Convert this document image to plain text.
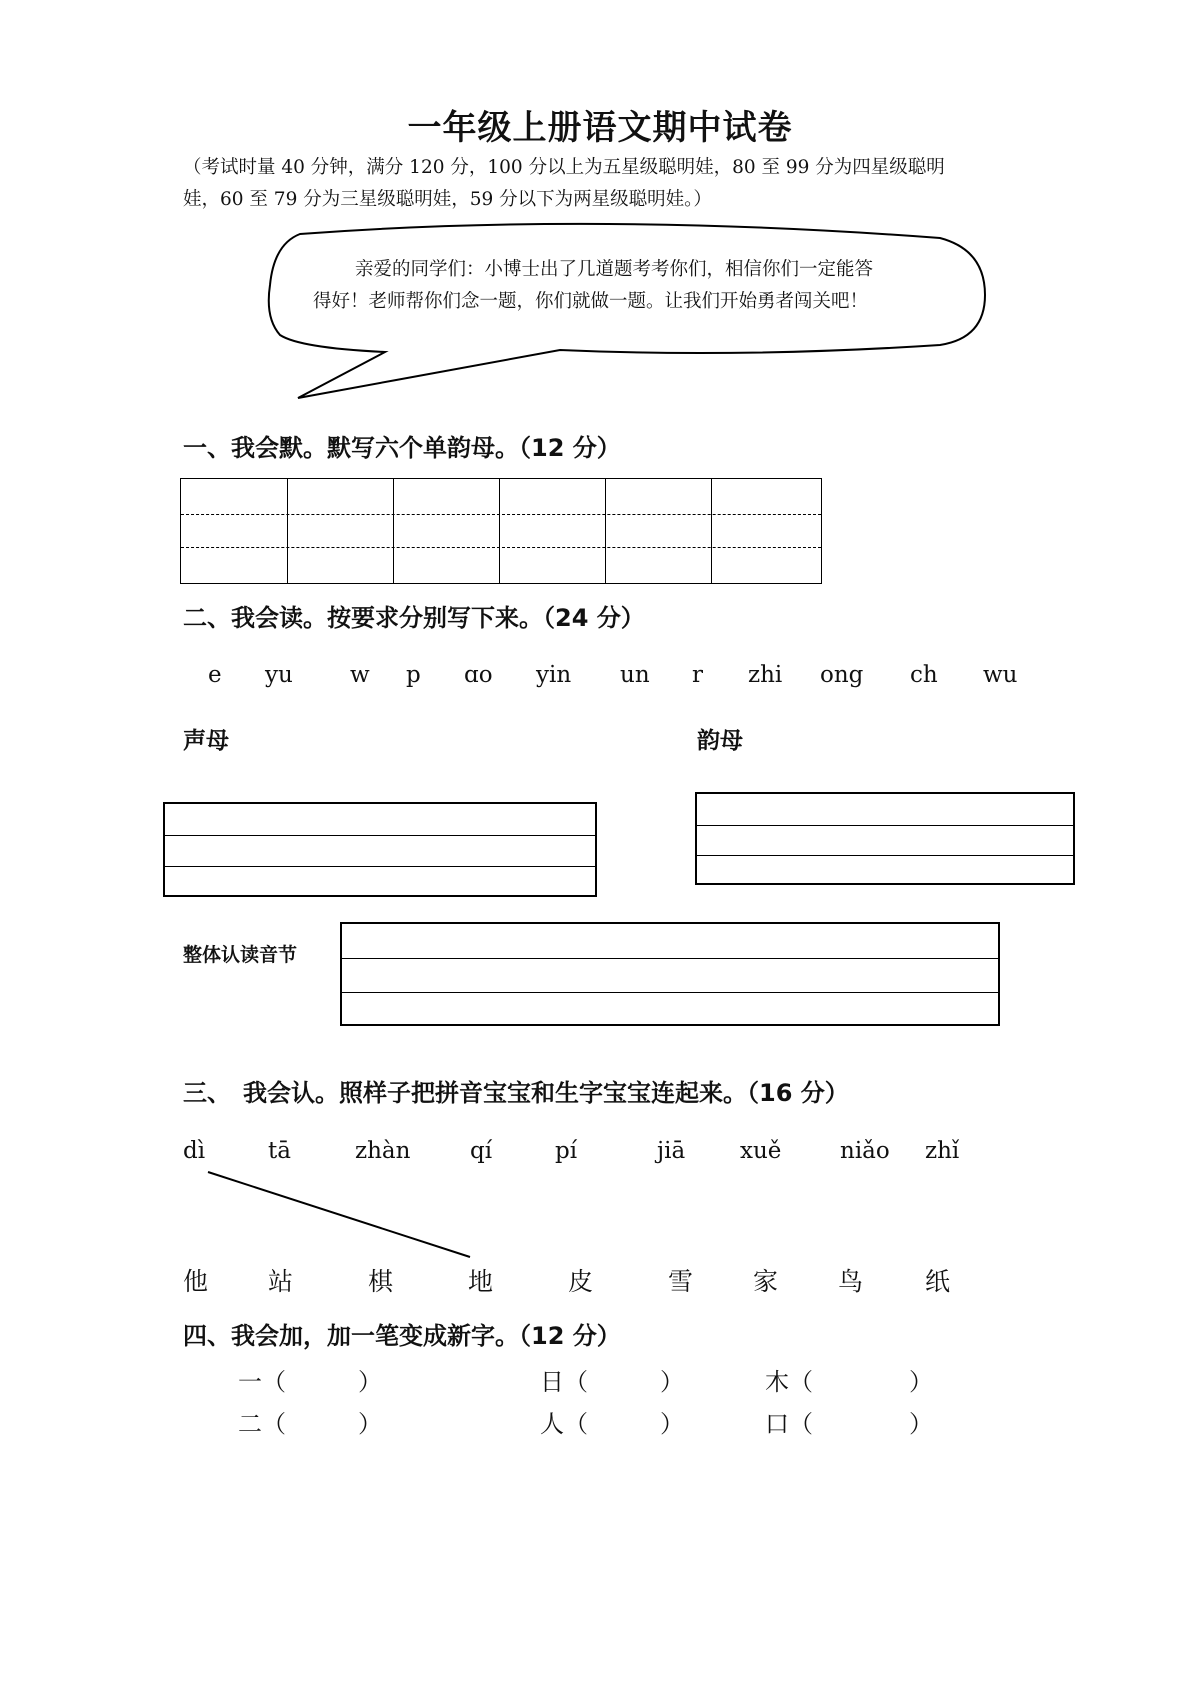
一年级上册语文期中试卷
（考试时量 40 分钟，满分 120 分，100 分以上为五星级聪明娃，80 至 99 分为四星级聪明
娃，60 至 79 分为三星级聪明娃，59 分以下为两星级聪明娃。）
亲爱的同学们：小博士出了几道题考考你们，相信你们一定能答
得好！老师帮你们念一题，你们就做一题。让我们开始勇者闯关吧！
一、我会默。默写六个单韵母。（12 分）
二、我会读。按要求分别写下来。（24 分）
e yu w p ɑo yin un r zhi ong ch wu
声母	韵母
整体认读音节
三、　我会认。照样子把拼音宝宝和生字宝宝连起来。（16 分）
dì	tā	zhàn	qí	pí	jiā xuě	niǎo zhǐ
他 站	棋	地	皮	雪 家 鸟 纸
四、我会加，加一笔变成新字。（12 分）
一（　　　）	日（　　　）	木（　　　　）
二（　　　）	人（　　　）	口（　　　　）
